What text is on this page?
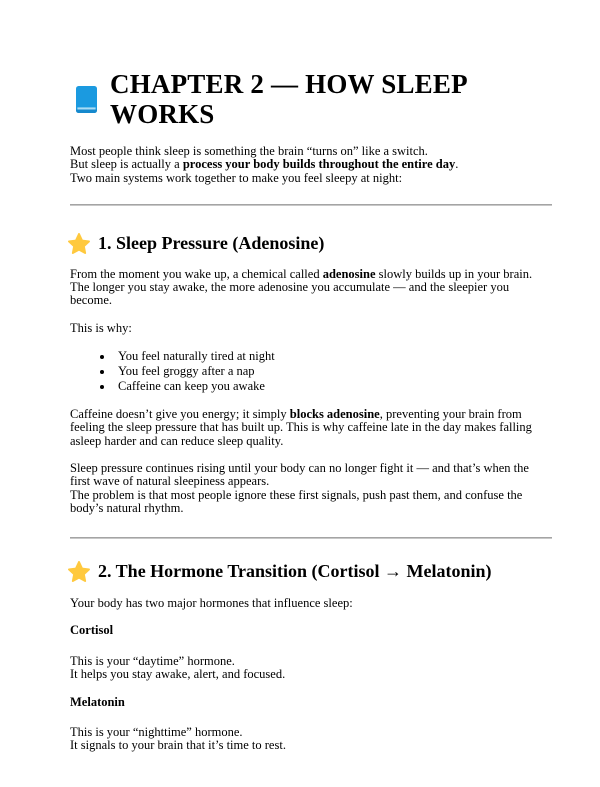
CHAPTER 2 — HOW SLEEP WORKS
Most people think sleep is something the brain “turns on” like a switch.
But sleep is actually a process your body builds throughout the entire day.
Two main systems work together to make you feel sleepy at night:
1. Sleep Pressure (Adenosine)
From the moment you wake up, a chemical called adenosine slowly builds up in your brain.
The longer you stay awake, the more adenosine you accumulate — and the sleepier you become.
This is why:
• You feel naturally tired at night
• You feel groggy after a nap
• Caffeine can keep you awake
Caffeine doesn’t give you energy; it simply blocks adenosine, preventing your brain from feeling the sleep pressure that has built up. This is why caffeine late in the day makes falling asleep harder and can reduce sleep quality.
Sleep pressure continues rising until your body can no longer fight it — and that’s when the first wave of natural sleepiness appears.
The problem is that most people ignore these first signals, push past them, and confuse the body’s natural rhythm.
2. The Hormone Transition (Cortisol → Melatonin)
Your body has two major hormones that influence sleep:
Cortisol
This is your “daytime” hormone.
It helps you stay awake, alert, and focused.
Melatonin
This is your “nighttime” hormone.
It signals to your brain that it’s time to rest.
